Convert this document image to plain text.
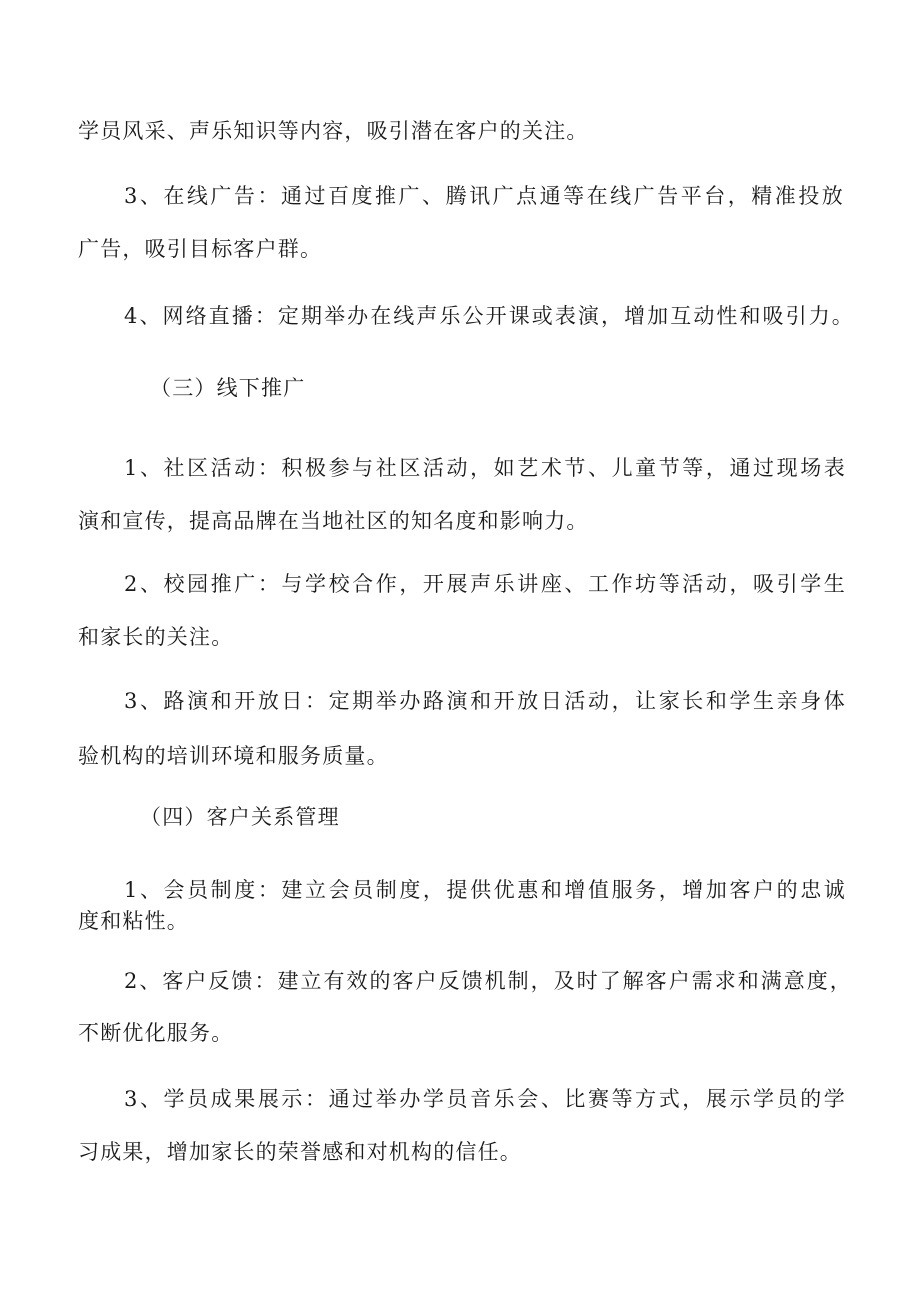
学员风采、声乐知识等内容，吸引潜在客户的关注。
3、在线广告：通过百度推广、腾讯广点通等在线广告平台，精准投放
广告，吸引目标客户群。
4、网络直播：定期举办在线声乐公开课或表演，增加互动性和吸引力。
（三）线下推广
1、社区活动：积极参与社区活动，如艺术节、儿童节等，通过现场表
演和宣传，提高品牌在当地社区的知名度和影响力。
2、校园推广：与学校合作，开展声乐讲座、工作坊等活动，吸引学生
和家长的关注。
3、路演和开放日：定期举办路演和开放日活动，让家长和学生亲身体
验机构的培训环境和服务质量。
（四）客户关系管理
1、会员制度：建立会员制度，提供优惠和增值服务，增加客户的忠诚
度和粘性。
2、客户反馈：建立有效的客户反馈机制，及时了解客户需求和满意度，
不断优化服务。
3、学员成果展示：通过举办学员音乐会、比赛等方式，展示学员的学
习成果，增加家长的荣誉感和对机构的信任。
